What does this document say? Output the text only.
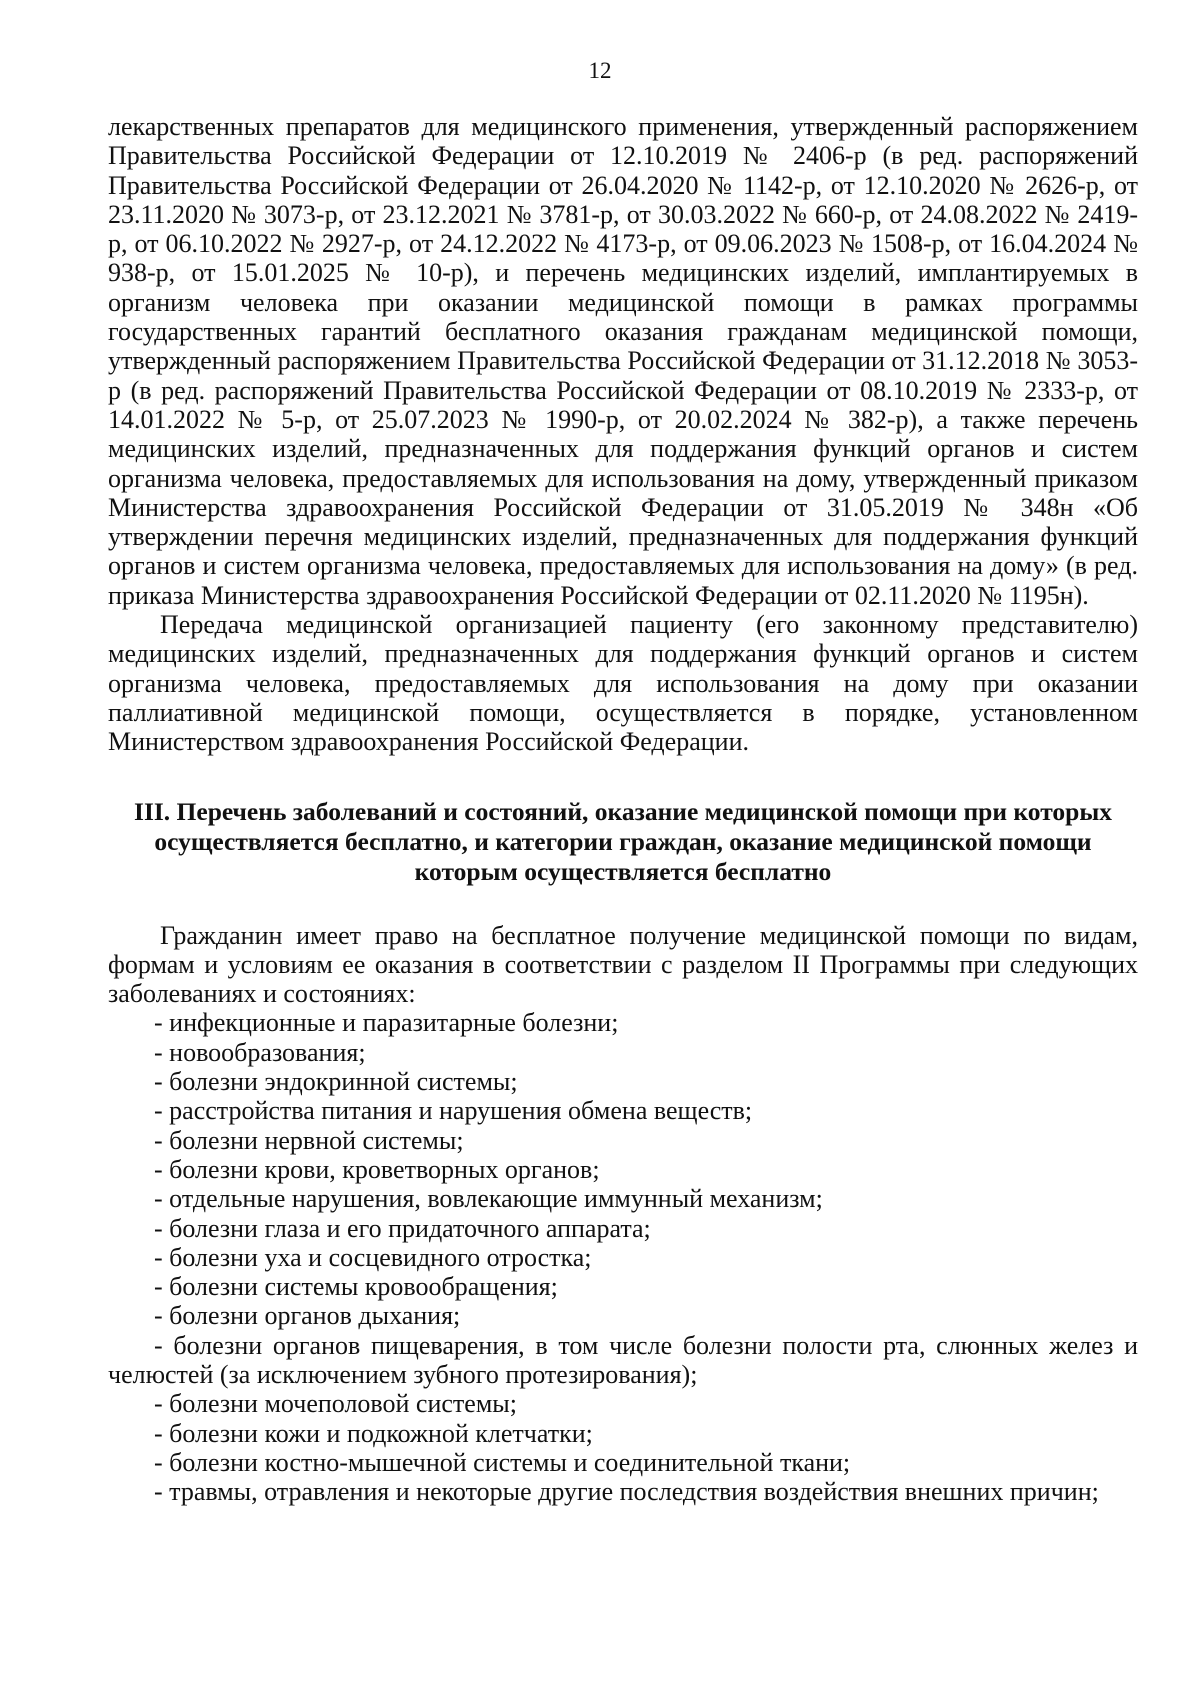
12

лекарственных препаратов для медицинского применения, утвержденный распоряжением Правительства Российской Федерации от 12.10.2019 № 2406-р (в ред. распоряжений Правительства Российской Федерации от 26.04.2020 № 1142-р, от 12.10.2020 № 2626-р, от 23.11.2020 № 3073-р, от 23.12.2021 № 3781-р, от 30.03.2022 № 660-р, от 24.08.2022 № 2419-р, от 06.10.2022 № 2927-р, от 24.12.2022 № 4173-р, от 09.06.2023 № 1508-р, от 16.04.2024 № 938-р, от 15.01.2025 № 10-р), и перечень медицинских изделий, имплантируемых в организм человека при оказании медицинской помощи в рамках программы государственных гарантий бесплатного оказания гражданам медицинской помощи, утвержденный распоряжением Правительства Российской Федерации от 31.12.2018 № 3053-р (в ред. распоряжений Правительства Российской Федерации от 08.10.2019 № 2333-р, от 14.01.2022 № 5-р, от 25.07.2023 № 1990-р, от 20.02.2024 № 382-р), а также перечень медицинских изделий, предназначенных для поддержания функций органов и систем организма человека, предоставляемых для использования на дому, утвержденный приказом Министерства здравоохранения Российской Федерации от 31.05.2019 № 348н «Об утверждении перечня медицинских изделий, предназначенных для поддержания функций органов и систем организма человека, предоставляемых для использования на дому» (в ред. приказа Министерства здравоохранения Российской Федерации от 02.11.2020 № 1195н).

Передача медицинской организацией пациенту (его законному представителю) медицинских изделий, предназначенных для поддержания функций органов и систем организма человека, предоставляемых для использования на дому при оказании паллиативной медицинской помощи, осуществляется в порядке, установленном Министерством здравоохранения Российской Федерации.

III. Перечень заболеваний и состояний, оказание медицинской помощи при которых осуществляется бесплатно, и категории граждан, оказание медицинской помощи которым осуществляется бесплатно

Гражданин имеет право на бесплатное получение медицинской помощи по видам, формам и условиям ее оказания в соответствии с разделом II Программы при следующих заболеваниях и состояниях:

- инфекционные и паразитарные болезни;
- новообразования;
- болезни эндокринной системы;
- расстройства питания и нарушения обмена веществ;
- болезни нервной системы;
- болезни крови, кроветворных органов;
- отдельные нарушения, вовлекающие иммунный механизм;
- болезни глаза и его придаточного аппарата;
- болезни уха и сосцевидного отростка;
- болезни системы кровообращения;
- болезни органов дыхания;
- болезни органов пищеварения, в том числе болезни полости рта, слюнных желез и челюстей (за исключением зубного протезирования);
- болезни мочеполовой системы;
- болезни кожи и подкожной клетчатки;
- болезни костно-мышечной системы и соединительной ткани;
- травмы, отравления и некоторые другие последствия воздействия внешних причин;
